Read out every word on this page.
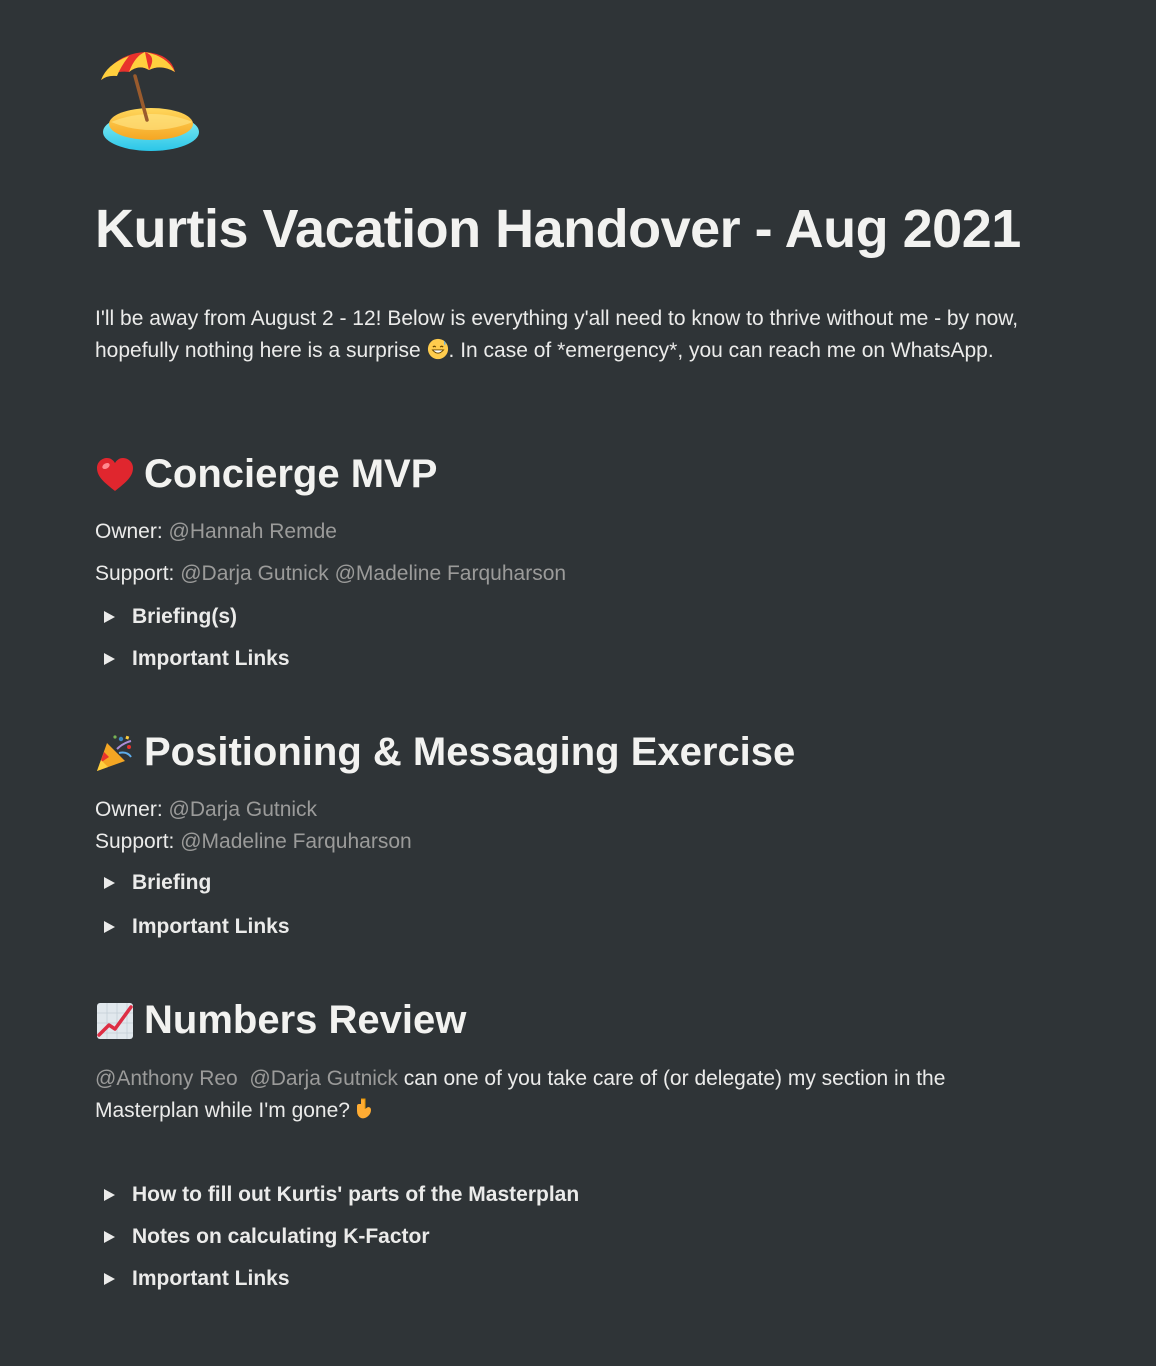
Kurtis Vacation Handover - Aug 2021

I'll be away from August 2 - 12! Below is everything y'all need to know to thrive without me - by now, hopefully nothing here is a surprise . In case of *emergency*, you can reach me on WhatsApp.

Concierge MVP
Owner: @Hannah Remde
Support: @Darja Gutnick @Madeline Farquharson
Briefing(s)
Important Links
Positioning & Messaging Exercise
Owner: @Darja Gutnick
Support: @Madeline Farquharson
Briefing
Important Links
Numbers Review

@Anthony Reo @Darja Gutnick can one of you take care of (or delegate) my section in the Masterplan while I'm gone?

How to fill out Kurtis' parts of the Masterplan
Notes on calculating K-Factor
Important Links
